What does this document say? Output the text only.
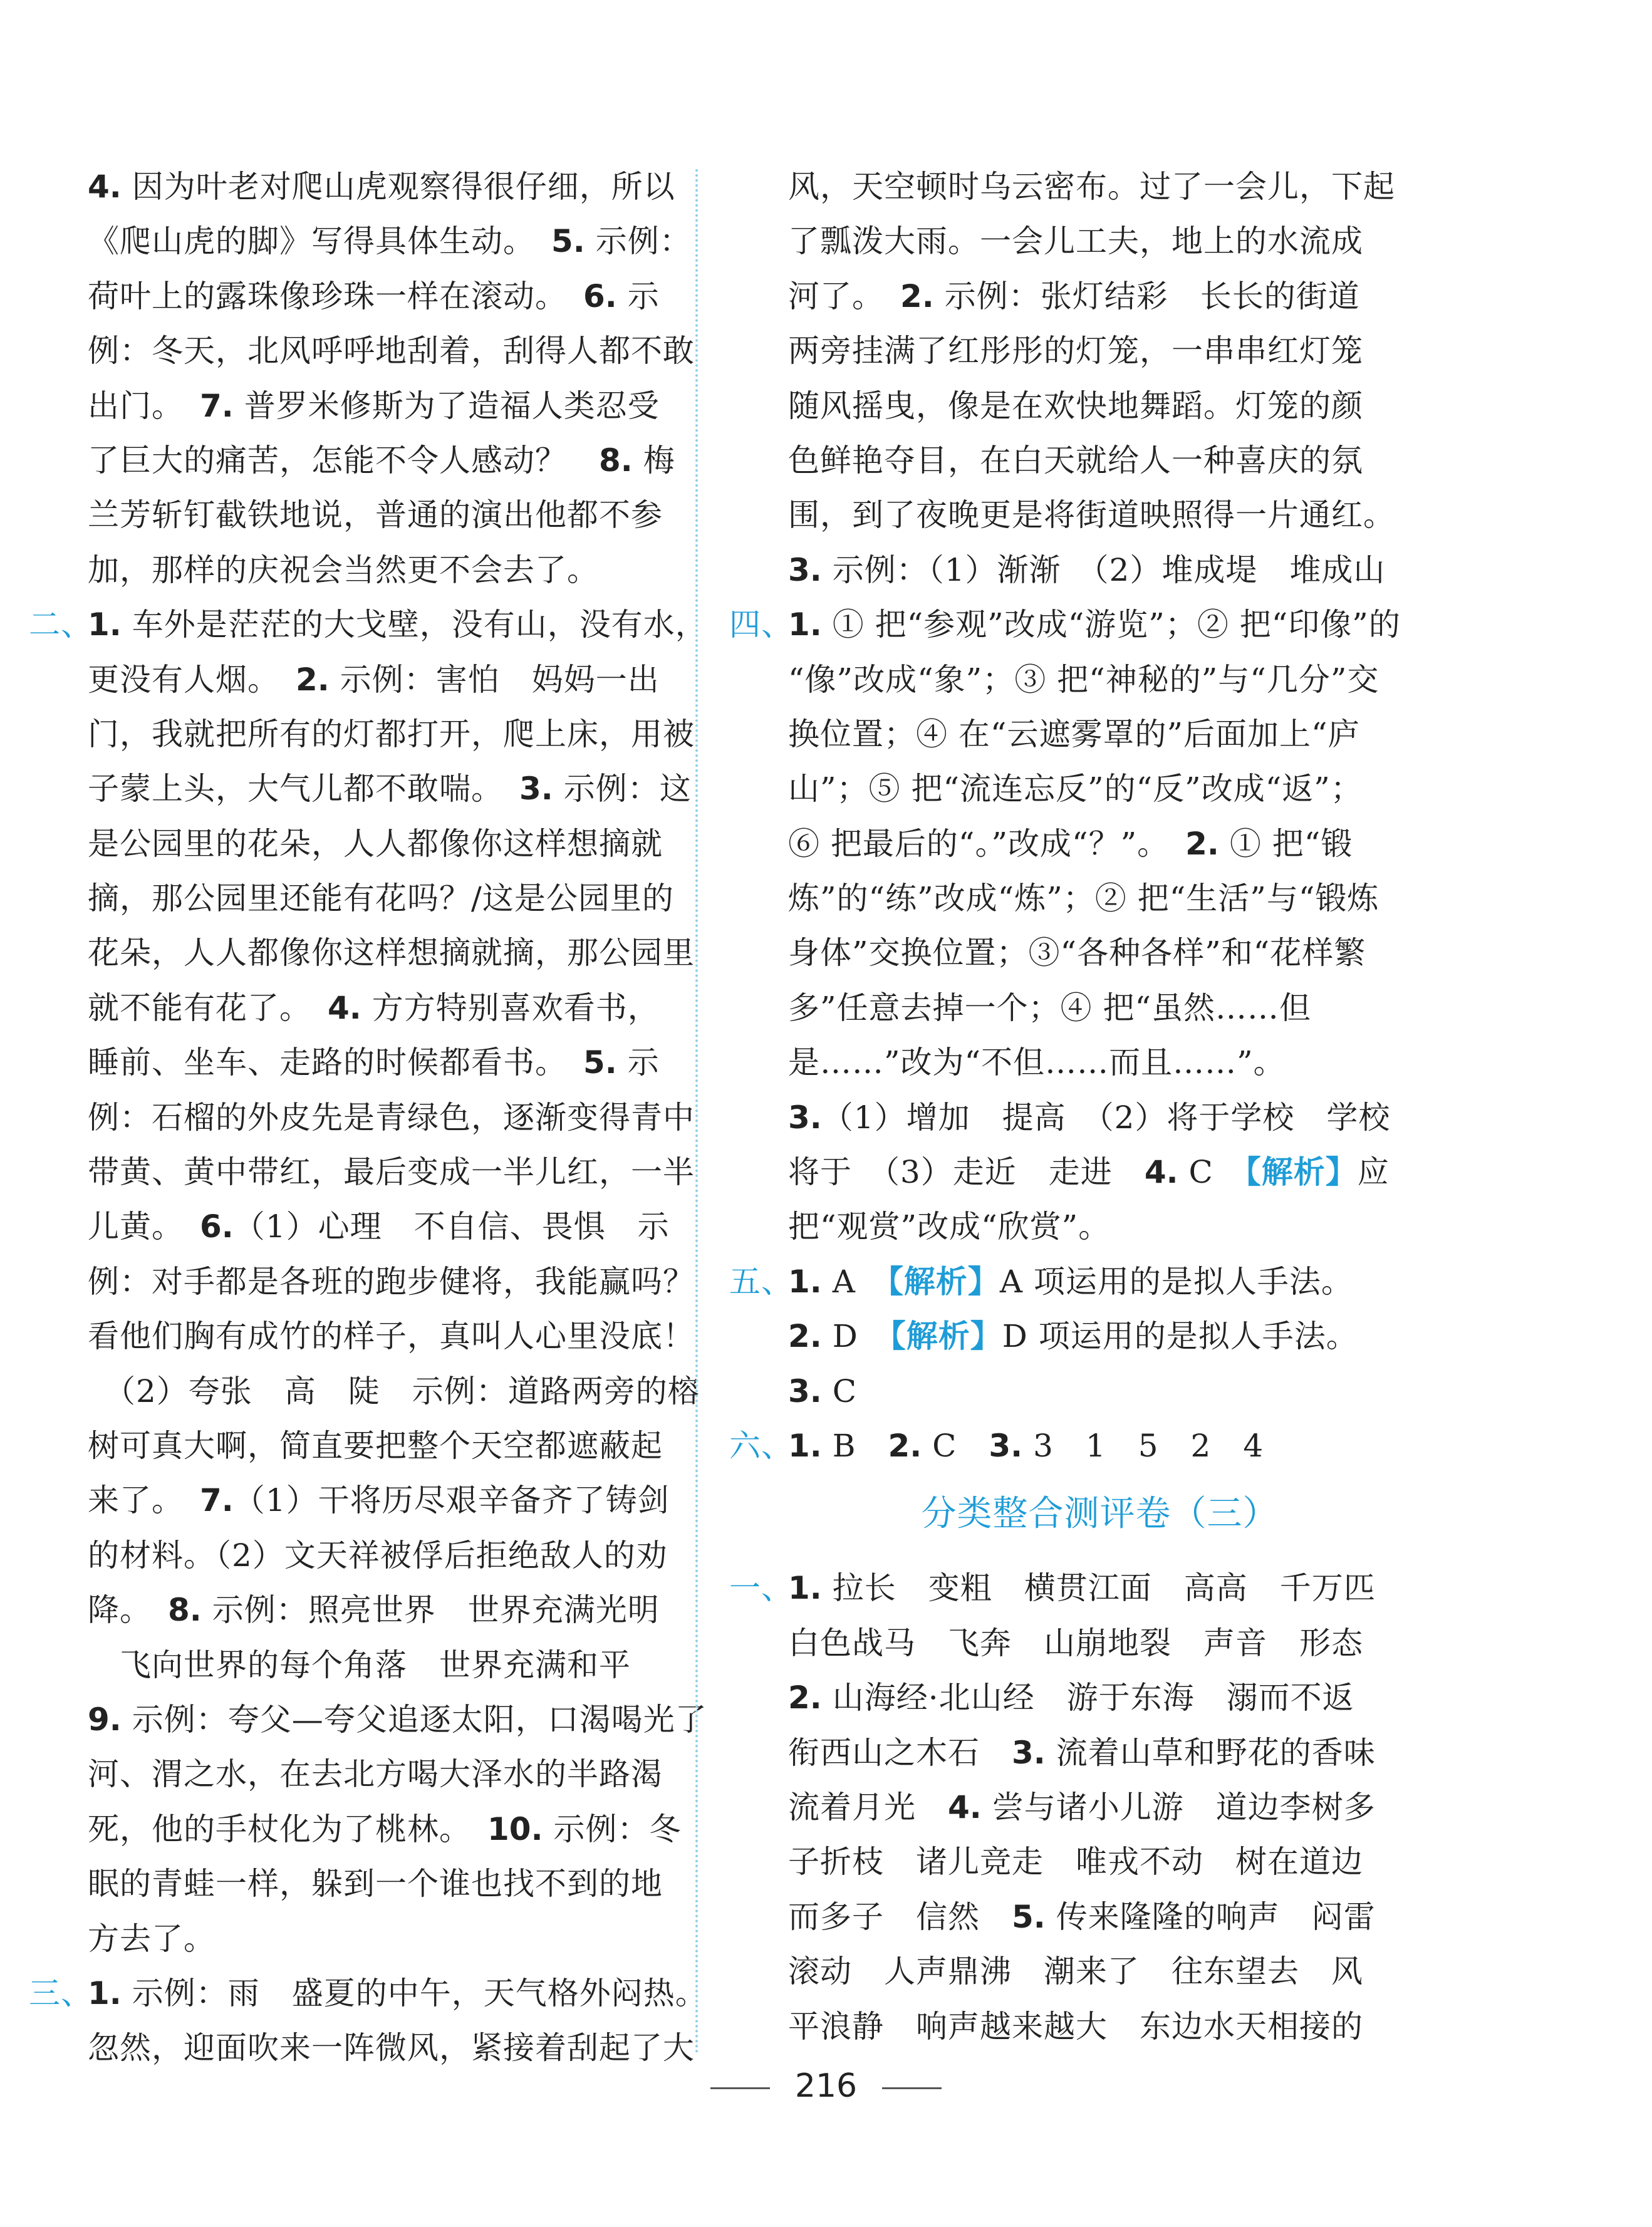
4. 因为叶老对爬山虎观察得很仔细，所以
《爬山虎的脚》写得具体生动。　5. 示例：
荷叶上的露珠像珍珠一样在滚动。　6. 示
例：冬天，北风呼呼地刮着，刮得人都不敢
出门。　7. 普罗米修斯为了造福人类忍受
了巨大的痛苦，怎能不令人感动？　8. 梅
兰芳斩钉截铁地说，普通的演出他都不参
加，那样的庆祝会当然更不会去了。
二、
1. 车外是茫茫的大戈壁，没有山，没有水，
更没有人烟。　2. 示例：害怕　妈妈一出
门，我就把所有的灯都打开，爬上床，用被
子蒙上头，大气儿都不敢喘。　3. 示例：这
是公园里的花朵，人人都像你这样想摘就
摘，那公园里还能有花吗？/这是公园里的
花朵，人人都像你这样想摘就摘，那公园里
就不能有花了。　4. 方方特别喜欢看书，
睡前、坐车、走路的时候都看书。　5. 示
例：石榴的外皮先是青绿色，逐渐变得青中
带黄、黄中带红，最后变成一半儿红，一半
儿黄。　6.（1）心理　不自信、畏惧　示
例：对手都是各班的跑步健将，我能赢吗？
看他们胸有成竹的样子，真叫人心里没底！
　（2）夸张　高　陡　示例：道路两旁的榕
树可真大啊，简直要把整个天空都遮蔽起
来了。　7.（1）干将历尽艰辛备齐了铸剑
的材料。（2）文天祥被俘后拒绝敌人的劝
降。　8. 示例：照亮世界　世界充满光明
　飞向世界的每个角落　世界充满和平
9. 示例：夸父—夸父追逐太阳，口渴喝光了
河、渭之水，在去北方喝大泽水的半路渴
死，他的手杖化为了桃林。　10. 示例：冬
眠的青蛙一样，躲到一个谁也找不到的地
方去了。
三、
1. 示例：雨　盛夏的中午，天气格外闷热。
忽然，迎面吹来一阵微风，紧接着刮起了大
风，天空顿时乌云密布。过了一会儿，下起
了瓢泼大雨。一会儿工夫，地上的水流成
河了。　2. 示例：张灯结彩　长长的街道
两旁挂满了红彤彤的灯笼，一串串红灯笼
随风摇曳，像是在欢快地舞蹈。灯笼的颜
色鲜艳夺目，在白天就给人一种喜庆的氛
围，到了夜晚更是将街道映照得一片通红。
3. 示例：（1）渐渐　（2）堆成堤　堆成山
四、
1. ① 把“参观”改成“游览”；② 把“印像”的
“像”改成“象”；③ 把“神秘的”与“几分”交
换位置；④ 在“云遮雾罩的”后面加上“庐
山”；⑤ 把“流连忘反”的“反”改成“返”；
⑥ 把最后的“。”改成“？”。　2. ① 把“锻
炼”的“练”改成“炼”；② 把“生活”与“锻炼
身体”交换位置；③“各种各样”和“花样繁
多”任意去掉一个；④ 把“虽然……但
是……”改为“不但……而且……”。
3.（1）增加　提高　（2）将于学校　学校
将于　（3）走近　走进　4. C　【解析】应
把“观赏”改成“欣赏”。
五、
1. A　【解析】A 项运用的是拟人手法。
2. D　【解析】D 项运用的是拟人手法。
3. C
六、
1. B　2. C　3. 3　1　5　2　4
分类整合测评卷（三）
一、
1. 拉长　变粗　横贯江面　高高　千万匹
白色战马　飞奔　山崩地裂　声音　形态
2. 山海经·北山经　游于东海　溺而不返
衔西山之木石　3. 流着山草和野花的香味
流着月光　4. 尝与诸小儿游　道边李树多
子折枝　诸儿竞走　唯戎不动　树在道边
而多子　信然　5. 传来隆隆的响声　闷雷
滚动　人声鼎沸　潮来了　往东望去　风
平浪静　响声越来越大　东边水天相接的
216
